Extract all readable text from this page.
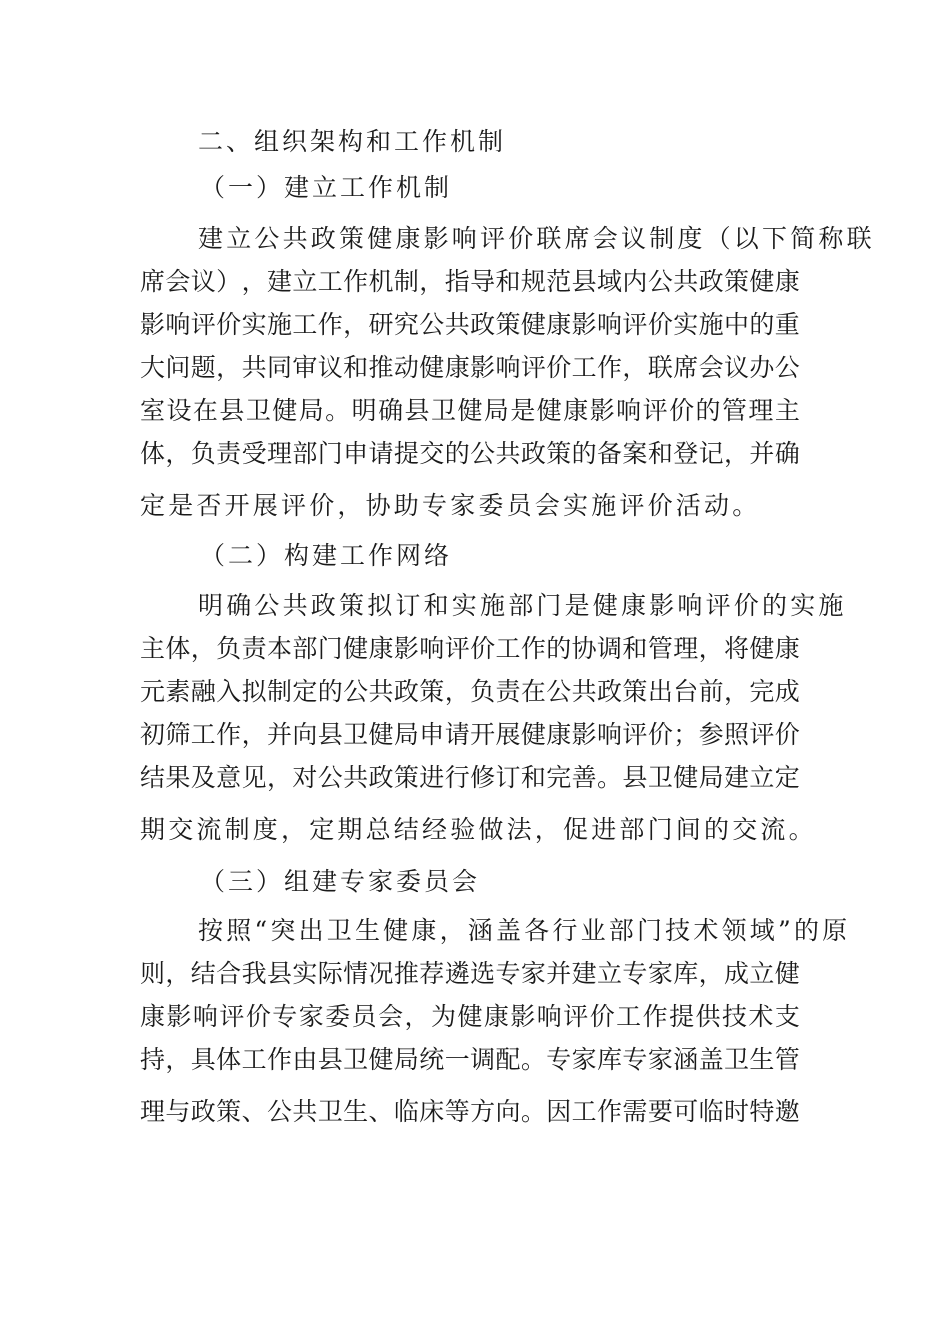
二、组织架构和工作机制
（一）建立工作机制
建立公共政策健康影响评价联席会议制度（以下简称联
席 会 议 ） ， 建 立 工 作 机 制 ， 指 导 和 规 范 县 域 内 公 共 政 策 健 康
影 响 评 价 实 施 工 作 ， 研 究 公 共 政 策 健 康 影 响 评 价 实 施 中 的 重
大 问 题 ， 共 同 审 议 和 推 动 健 康 影 响 评 价 工 作 ， 联 席 会 议 办 公
室 设 在 县 卫 健 局 。 明 确 县 卫 健 局 是 健 康 影 响 评 价 的 管 理 主
体 ， 负 责 受 理 部 门 申 请 提 交 的 公 共 政 策 的 备 案 和 登 记 ， 并 确
定是否开展评价，协助专家委员会实施评价活动。
（二）构建工作网络
明确公共政策拟订和实施部门是健康影响评价的实施
主 体 ， 负 责 本 部 门 健 康 影 响 评 价 工 作 的 协 调 和 管 理 ， 将 健 康
元 素 融 入 拟 制 定 的 公 共 政 策 ， 负 责 在 公 共 政 策 出 台 前 ， 完 成
初 筛 工 作 ， 并 向 县 卫 健 局 申 请 开 展 健 康 影 响 评 价 ； 参 照 评 价
结 果 及 意 见 ， 对 公 共 政 策 进 行 修 订 和 完 善 。 县 卫 健 局 建 立 定
期交流制度，定期总结经验做法，促进部门间的交流。
（三）组建专家委员会
按照“突出卫生健康，涵盖各行业部门技术领域”的原
则 ， 结 合 我 县 实 际 情 况 推 荐 遴 选 专 家 并 建 立 专 家 库 ， 成 立 健
康 影 响 评 价 专 家 委 员 会 ， 为 健 康 影 响 评 价 工 作 提 供 技 术 支
持 ， 具 体 工 作 由 县 卫 健 局 统 一 调 配 。 专 家 库 专 家 涵 盖 卫 生 管
理 与 政 策 、 公 共 卫 生 、 临 床 等 方 向 。 因 工 作 需 要 可 临 时 特 邀
